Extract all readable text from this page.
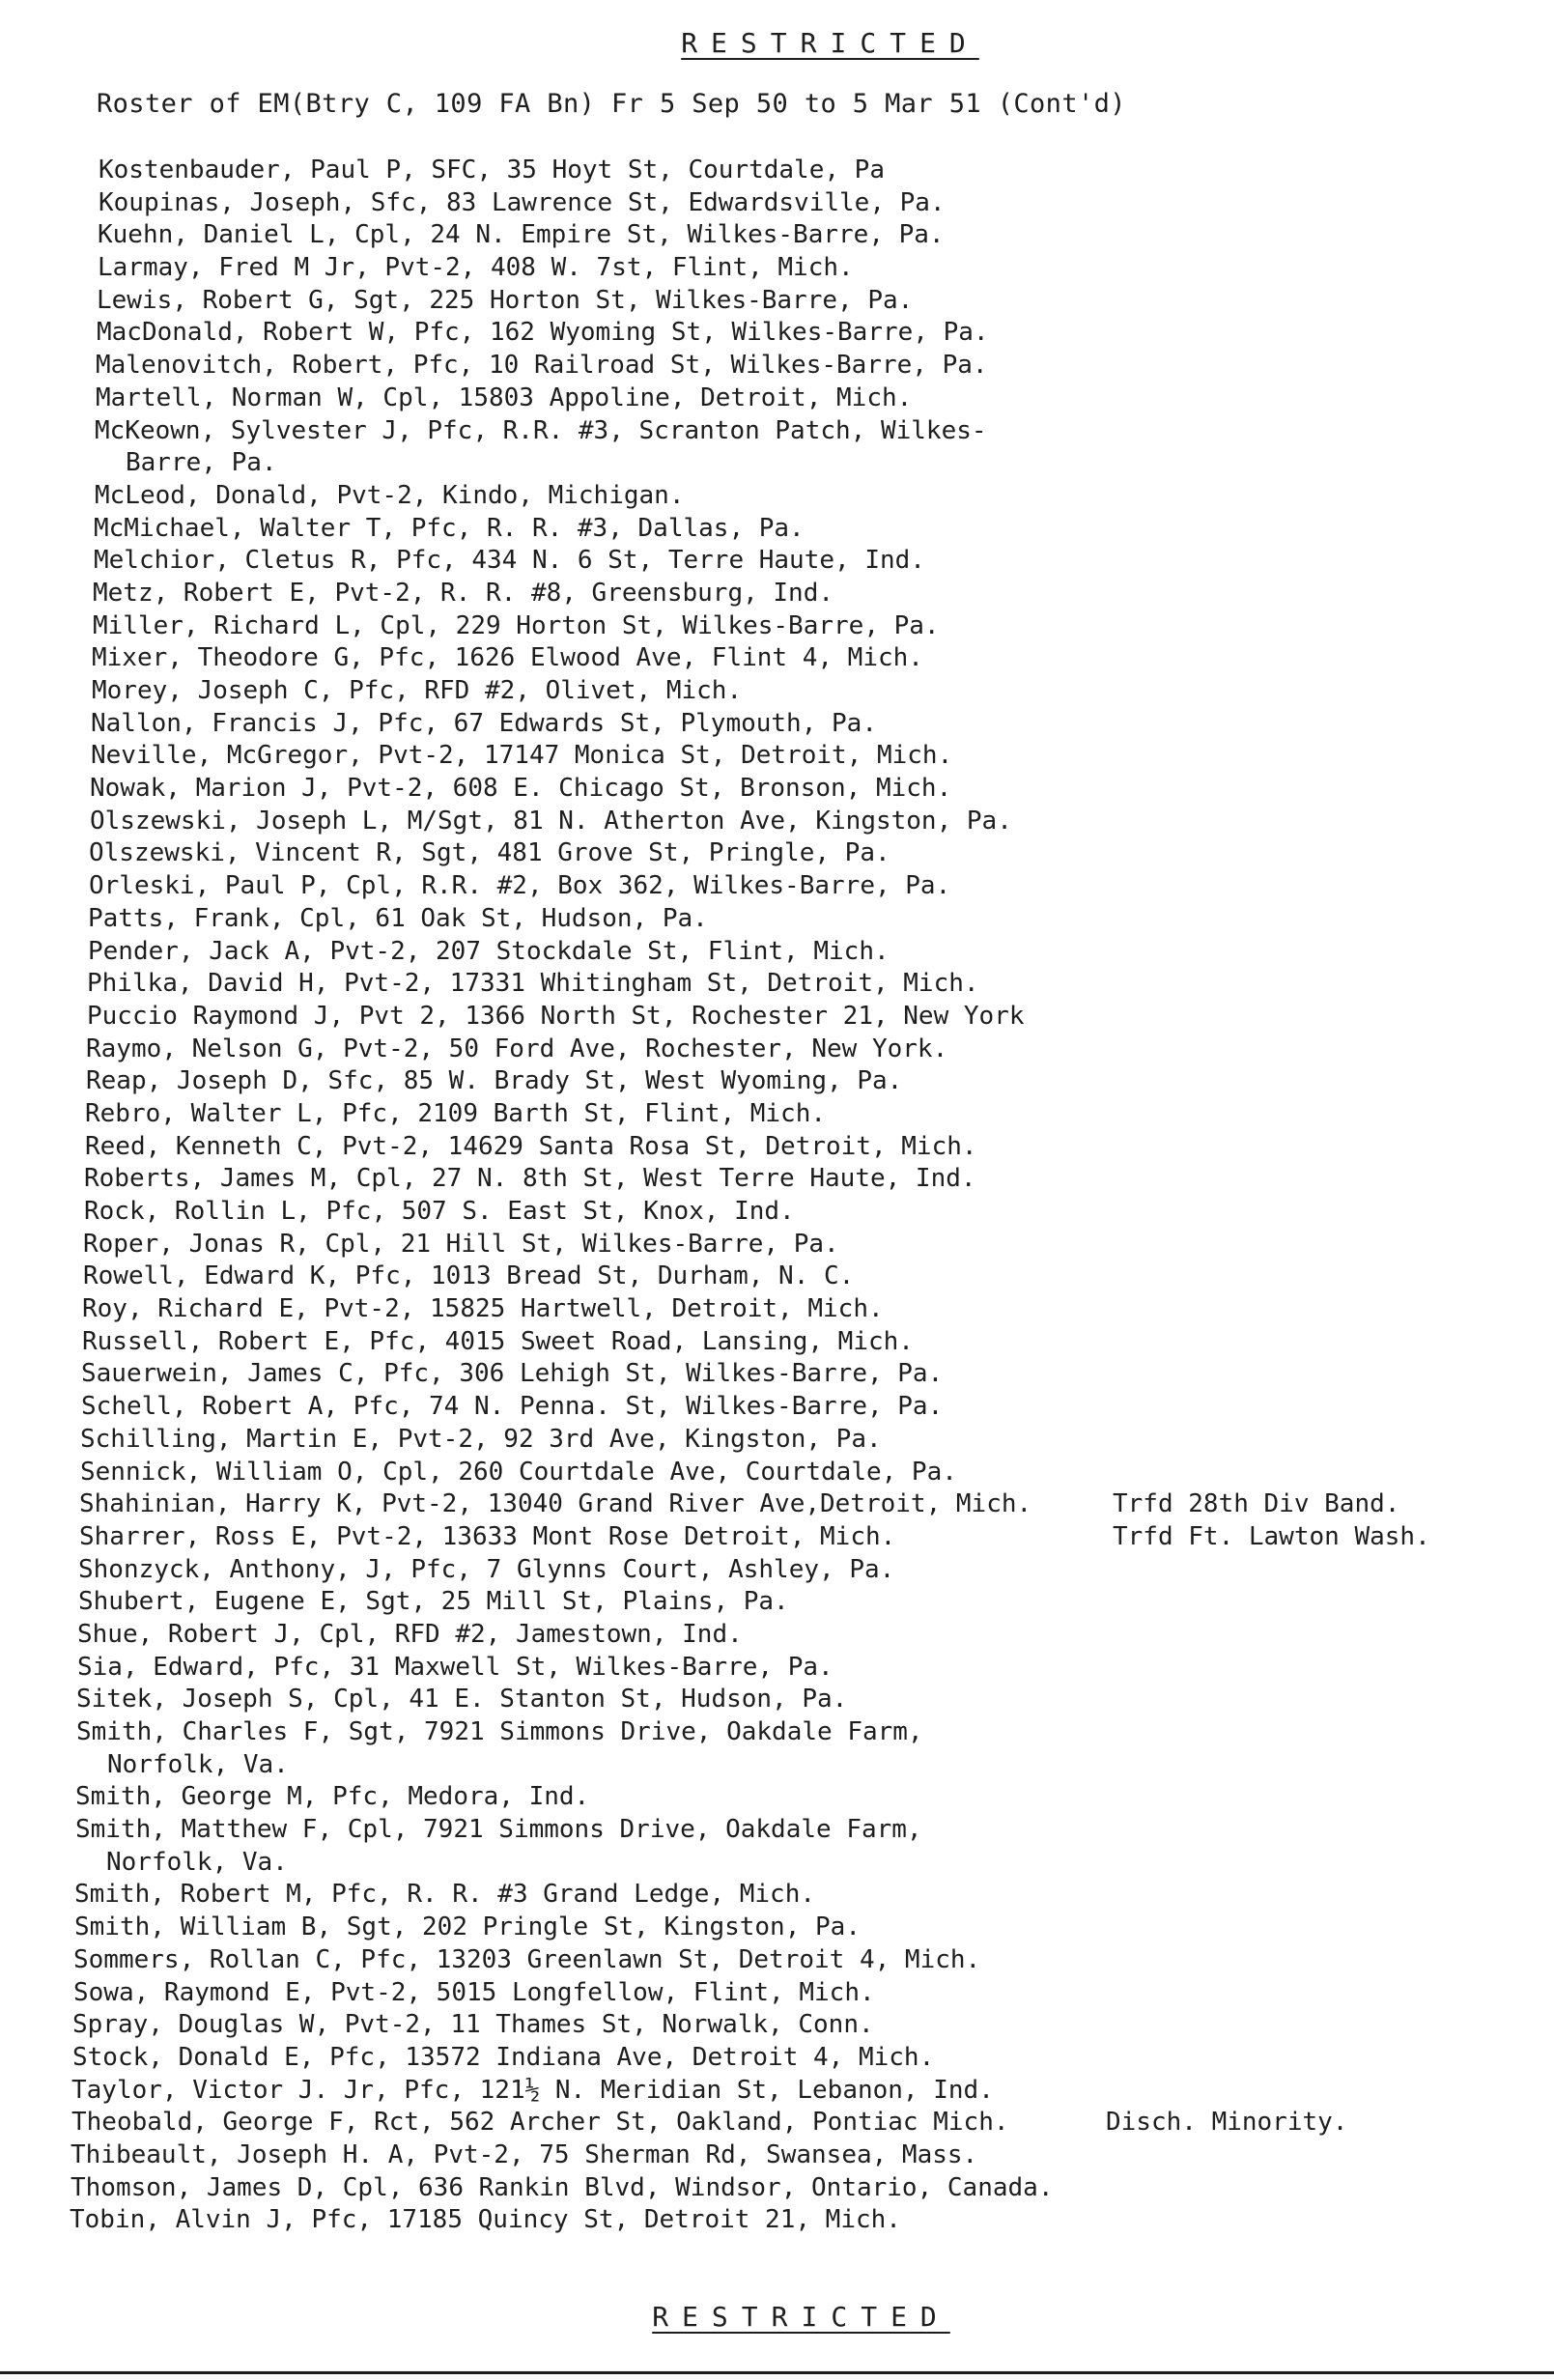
RESTRICTED
Roster of EM(Btry C, 109 FA Bn) Fr 5 Sep 50 to 5 Mar 51 (Cont'd)
Kostenbauder, Paul P, SFC, 35 Hoyt St, Courtdale, Pa
Koupinas, Joseph, Sfc, 83 Lawrence St, Edwardsville, Pa.
Kuehn, Daniel L, Cpl, 24 N. Empire St, Wilkes-Barre, Pa.
Larmay, Fred M Jr, Pvt-2, 408 W. 7st, Flint, Mich.
Lewis, Robert G, Sgt, 225 Horton St, Wilkes-Barre, Pa.
MacDonald, Robert W, Pfc, 162 Wyoming St, Wilkes-Barre, Pa.
Malenovitch, Robert, Pfc, 10 Railroad St, Wilkes-Barre, Pa.
Martell, Norman W, Cpl, 15803 Appoline, Detroit, Mich.
McKeown, Sylvester J, Pfc, R.R. #3, Scranton Patch, Wilkes-
Barre, Pa.
McLeod, Donald, Pvt-2, Kindo, Michigan.
McMichael, Walter T, Pfc, R. R. #3, Dallas, Pa.
Melchior, Cletus R, Pfc, 434 N. 6 St, Terre Haute, Ind.
Metz, Robert E, Pvt-2, R. R. #8, Greensburg, Ind.
Miller, Richard L, Cpl, 229 Horton St, Wilkes-Barre, Pa.
Mixer, Theodore G, Pfc, 1626 Elwood Ave, Flint 4, Mich.
Morey, Joseph C, Pfc, RFD #2, Olivet, Mich.
Nallon, Francis J, Pfc, 67 Edwards St, Plymouth, Pa.
Neville, McGregor, Pvt-2, 17147 Monica St, Detroit, Mich.
Nowak, Marion J, Pvt-2, 608 E. Chicago St, Bronson, Mich.
Olszewski, Joseph L, M/Sgt, 81 N. Atherton Ave, Kingston, Pa.
Olszewski, Vincent R, Sgt, 481 Grove St, Pringle, Pa.
Orleski, Paul P, Cpl, R.R. #2, Box 362, Wilkes-Barre, Pa.
Patts, Frank, Cpl, 61 Oak St, Hudson, Pa.
Pender, Jack A, Pvt-2, 207 Stockdale St, Flint, Mich.
Philka, David H, Pvt-2, 17331 Whitingham St, Detroit, Mich.
Puccio Raymond J, Pvt 2, 1366 North St, Rochester 21, New York
Raymo, Nelson G, Pvt-2, 50 Ford Ave, Rochester, New York.
Reap, Joseph D, Sfc, 85 W. Brady St, West Wyoming, Pa.
Rebro, Walter L, Pfc, 2109 Barth St, Flint, Mich.
Reed, Kenneth C, Pvt-2, 14629 Santa Rosa St, Detroit, Mich.
Roberts, James M, Cpl, 27 N. 8th St, West Terre Haute, Ind.
Rock, Rollin L, Pfc, 507 S. East St, Knox, Ind.
Roper, Jonas R, Cpl, 21 Hill St, Wilkes-Barre, Pa.
Rowell, Edward K, Pfc, 1013 Bread St, Durham, N. C.
Roy, Richard E, Pvt-2, 15825 Hartwell, Detroit, Mich.
Russell, Robert E, Pfc, 4015 Sweet Road, Lansing, Mich.
Sauerwein, James C, Pfc, 306 Lehigh St, Wilkes-Barre, Pa.
Schell, Robert A, Pfc, 74 N. Penna. St, Wilkes-Barre, Pa.
Schilling, Martin E, Pvt-2, 92 3rd Ave, Kingston, Pa.
Sennick, William O, Cpl, 260 Courtdale Ave, Courtdale, Pa.
Shahinian, Harry K, Pvt-2, 13040 Grand River Ave,Detroit, Mich.	Trfd 28th Div Band.
Sharrer, Ross E, Pvt-2, 13633 Mont Rose Detroit, Mich.	Trfd Ft. Lawton Wash.
Shonzyck, Anthony, J, Pfc, 7 Glynns Court, Ashley, Pa.
Shubert, Eugene E, Sgt, 25 Mill St, Plains, Pa.
Shue, Robert J, Cpl, RFD #2, Jamestown, Ind.
Sia, Edward, Pfc, 31 Maxwell St, Wilkes-Barre, Pa.
Sitek, Joseph S, Cpl, 41 E. Stanton St, Hudson, Pa.
Smith, Charles F, Sgt, 7921 Simmons Drive, Oakdale Farm,
Norfolk, Va.
Smith, George M, Pfc, Medora, Ind.
Smith, Matthew F, Cpl, 7921 Simmons Drive, Oakdale Farm,
Norfolk, Va.
Smith, Robert M, Pfc, R. R. #3 Grand Ledge, Mich.
Smith, William B, Sgt, 202 Pringle St, Kingston, Pa.
Sommers, Rollan C, Pfc, 13203 Greenlawn St, Detroit 4, Mich.
Sowa, Raymond E, Pvt-2, 5015 Longfellow, Flint, Mich.
Spray, Douglas W, Pvt-2, 11 Thames St, Norwalk, Conn.
Stock, Donald E, Pfc, 13572 Indiana Ave, Detroit 4, Mich.
Taylor, Victor J. Jr, Pfc, 121½ N. Meridian St, Lebanon, Ind.
Theobald, George F, Rct, 562 Archer St, Oakland, Pontiac Mich.	Disch. Minority.
Thibeault, Joseph H. A, Pvt-2, 75 Sherman Rd, Swansea, Mass.
Thomson, James D, Cpl, 636 Rankin Blvd, Windsor, Ontario, Canada.
Tobin, Alvin J, Pfc, 17185 Quincy St, Detroit 21, Mich.
RESTRICTED
